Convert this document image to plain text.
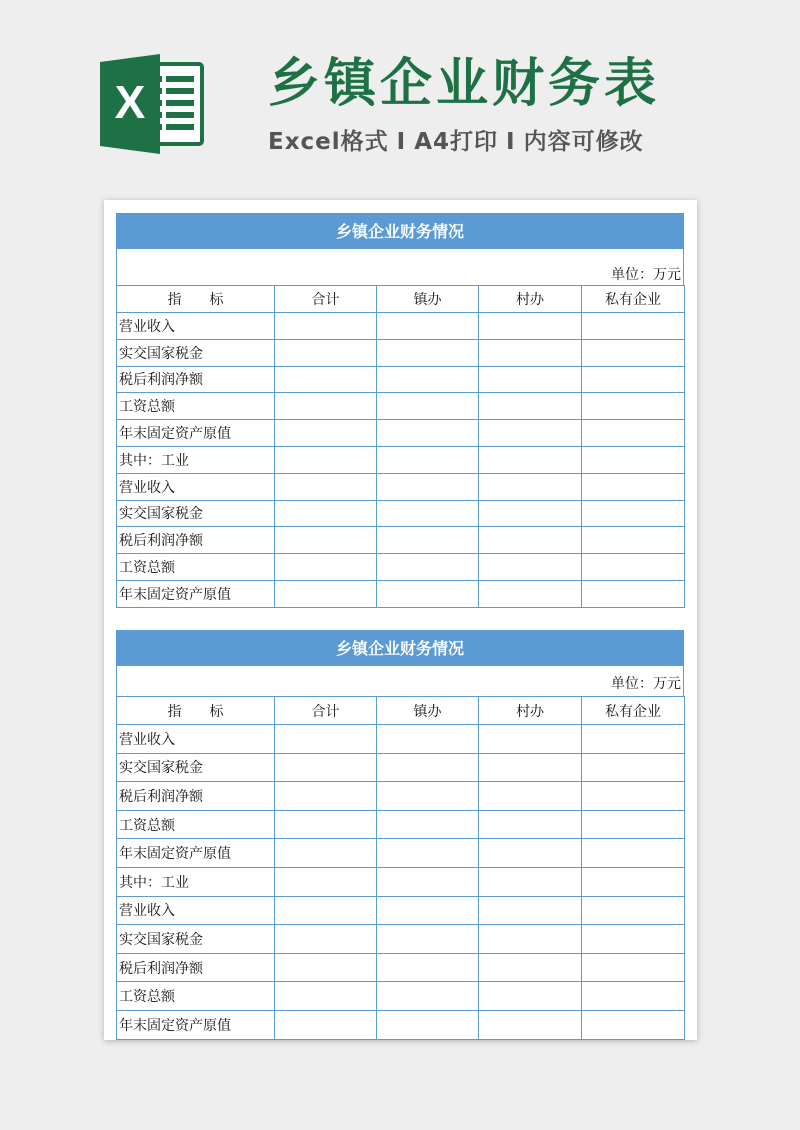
X 乡镇企业财务表

Excel格式 I A4打印 I 内容可修改

乡镇企业财务情况
单位：万元
指　　标	合计	镇办	村办	私有企业
营业收入				
实交国家税金				
税后利润净额				
工资总额				
年末固定资产原值				
其中：工业				
营业收入				
实交国家税金				
税后利润净额				
工资总额				
年末固定资产原值				
乡镇企业财务情况
单位：万元
指　　标	合计	镇办	村办	私有企业
营业收入				
实交国家税金				
税后利润净额				
工资总额				
年末固定资产原值				
其中：工业				
营业收入				
实交国家税金				
税后利润净额				
工资总额				
年末固定资产原值				
